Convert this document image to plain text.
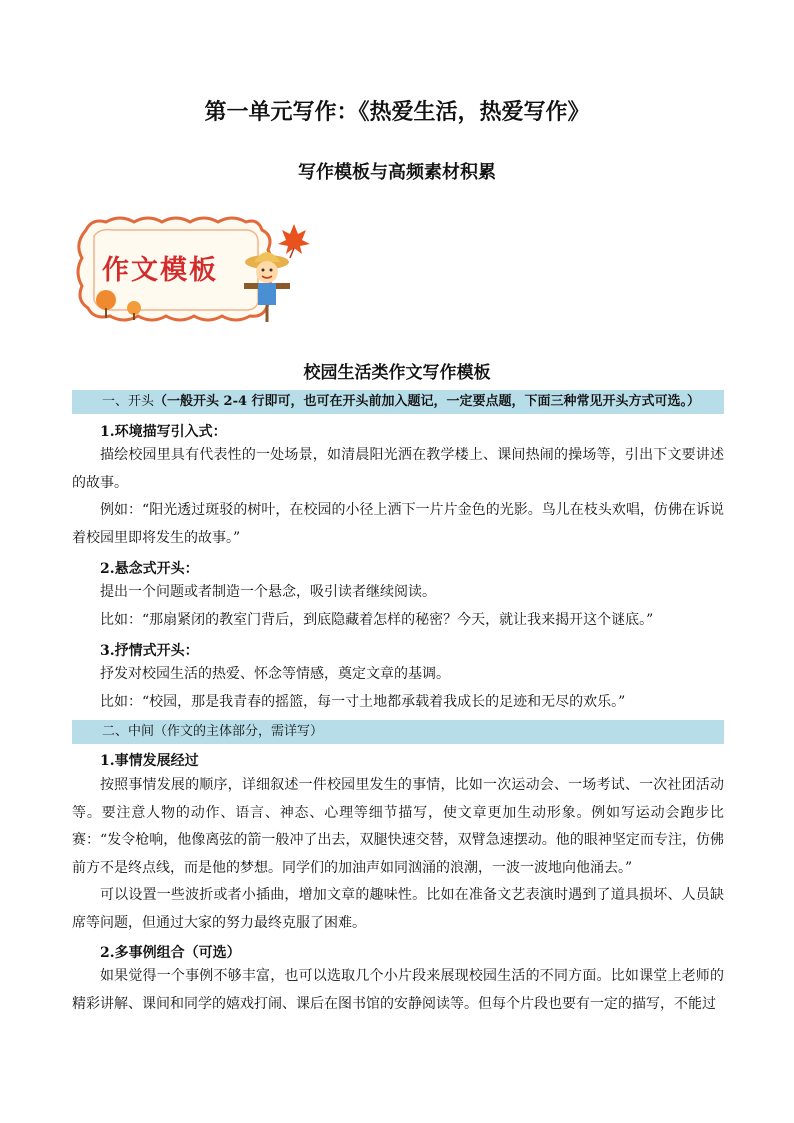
第一单元写作：《热爱生活，热爱写作》
写作模板与高频素材积累
作文模板
校园生活类作文写作模板
一、开头（一般开头 2-4 行即可，也可在开头前加入题记，一定要点题，下面三种常见开头方式可选。）
1.环境描写引入式：
描绘校园里具有代表性的一处场景，如清晨阳光洒在教学楼上、课间热闹的操场等，引出下文要讲述的故事。
例如：“阳光透过斑驳的树叶，在校园的小径上洒下一片片金色的光影。鸟儿在枝头欢唱，仿佛在诉说着校园里即将发生的故事。”
2.悬念式开头：
提出一个问题或者制造一个悬念，吸引读者继续阅读。
比如：“那扇紧闭的教室门背后，到底隐藏着怎样的秘密？今天，就让我来揭开这个谜底。”
3.抒情式开头：
抒发对校园生活的热爱、怀念等情感，奠定文章的基调。
比如：“校园，那是我青春的摇篮，每一寸土地都承载着我成长的足迹和无尽的欢乐。”
二、中间（作文的主体部分，需详写）
1.事情发展经过
按照事情发展的顺序，详细叙述一件校园里发生的事情，比如一次运动会、一场考试、一次社团活动等。要注意人物的动作、语言、神态、心理等细节描写，使文章更加生动形象。例如写运动会跑步比赛：“发令枪响，他像离弦的箭一般冲了出去，双腿快速交替，双臂急速摆动。他的眼神坚定而专注，仿佛前方不是终点线，而是他的梦想。同学们的加油声如同汹涌的浪潮，一波一波地向他涌去。”
可以设置一些波折或者小插曲，增加文章的趣味性。比如在准备文艺表演时遇到了道具损坏、人员缺席等问题，但通过大家的努力最终克服了困难。
2.多事例组合（可选）
如果觉得一个事例不够丰富，也可以选取几个小片段来展现校园生活的不同方面。比如课堂上老师的精彩讲解、课间和同学的嬉戏打闹、课后在图书馆的安静阅读等。但每个片段也要有一定的描写，不能过
